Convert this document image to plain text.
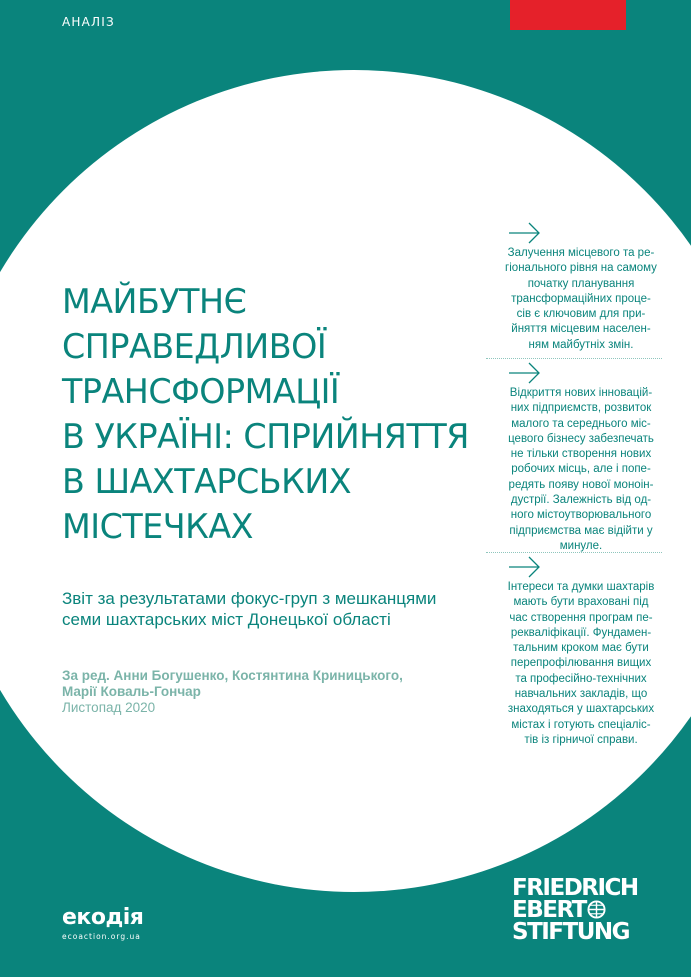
АНАЛІЗ
МАЙБУТНЄ
СПРАВЕДЛИВОЇ
ТРАНСФОРМАЦІЇ
В УКРАЇНІ: СПРИЙНЯТТЯ
В ШАХТАРСЬКИХ
МІСТЕЧКАХ
Звіт за результатами фокус-груп з мешканцями
семи шахтарських міст Донецької області
За ред. Анни Богушенко, Костянтина Криницького,
Марії Коваль-Гончар
Листопад 2020
Залучення місцевого та ре-
гіонального рівня на самому
початку планування
трансформаційних проце-
сів є ключовим для при-
йняття місцевим населен-
ням майбутніх змін.
Відкриття нових інновацій-
них підприємств, розвиток
малого та середнього міс-
цевого бізнесу забезпечать
не тільки створення нових
робочих місць, але і попе-
редять появу нової моноін-
дустрії. Залежність від од-
ного містоутворювального
підприємства має відійти у
минуле.
Інтереси та думки шахтарів
мають бути враховані під
час створення програм пе-
рекваліфікації. Фундамен-
тальним кроком має бути
перепрофілювання вищих
та професійно-технічних
навчальних закладів, що
знаходяться у шахтарських
містах і готують спеціаліс-
тів із гірничої справи.
екодія
ecoaction.org.ua
FRIEDRICH
EBERT
STIFTUNG
